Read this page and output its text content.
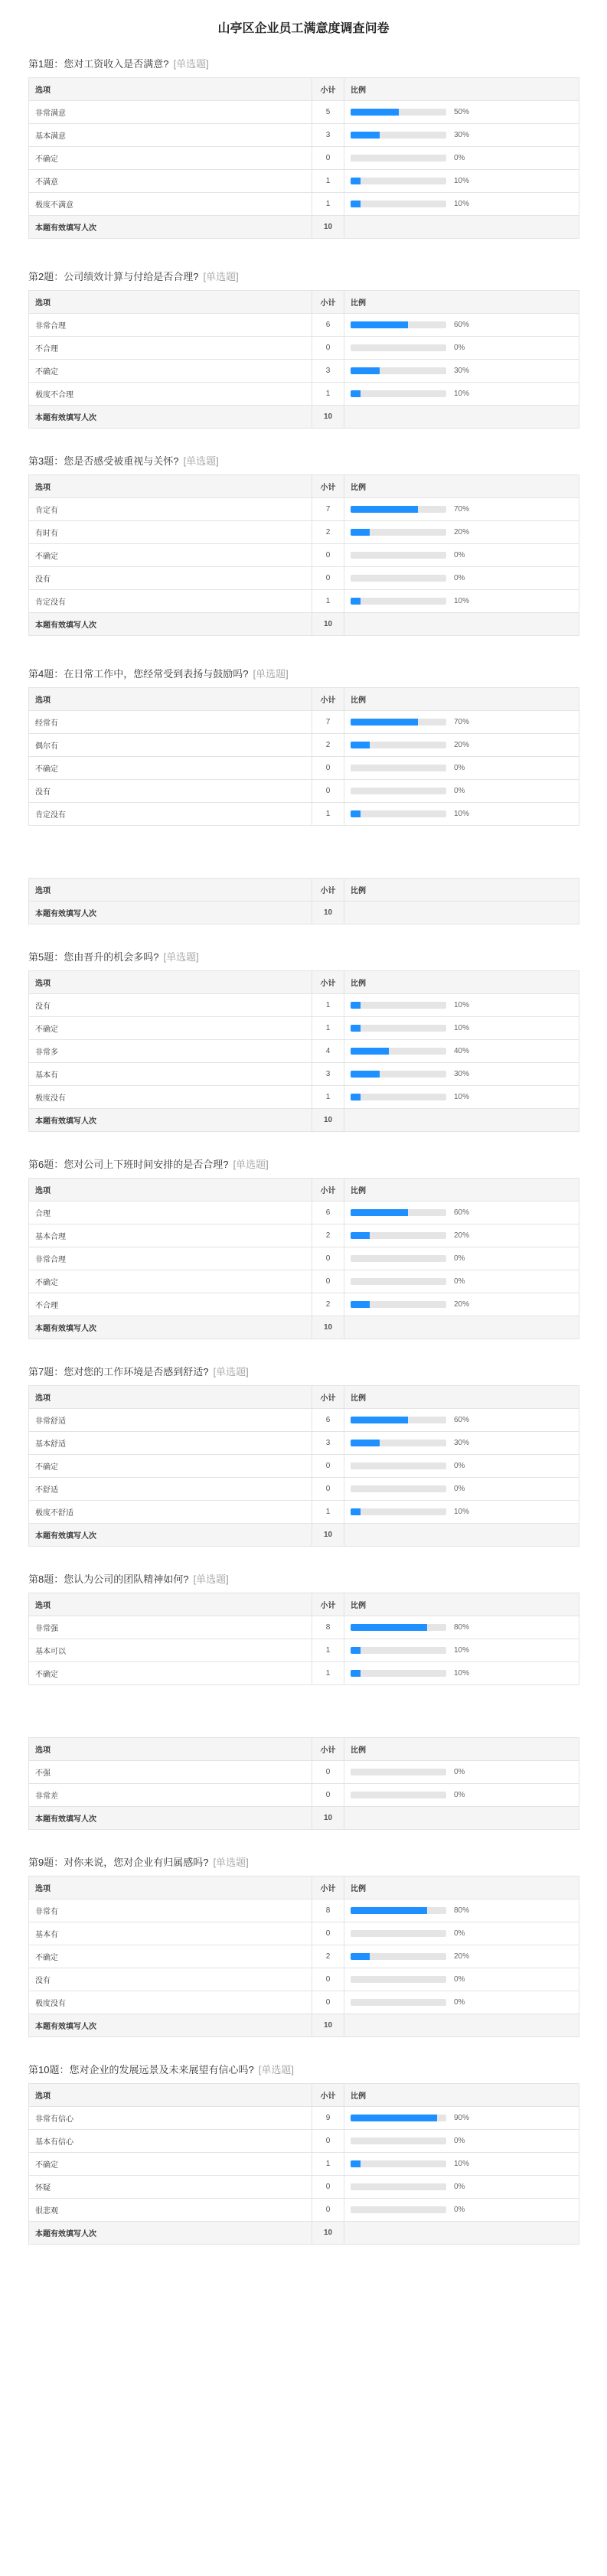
山亭区企业员工满意度调查问卷
第1题：您对工资收入是否满意? [单选题]
选项	小计	比例
非常满意	5	50%

基本满意	3	30%

不确定	0	0%

不满意	1	10%

极度不满意	1	10%

本题有效填写人次	10	
第2题：公司绩效计算与付给是否合理? [单选题]
选项	小计	比例
非常合理	6	60%

不合理	0	0%

不确定	3	30%

极度不合理	1	10%

本题有效填写人次	10	
第3题：您是否感受被重视与关怀? [单选题]
选项	小计	比例
肯定有	7	70%

有时有	2	20%

不确定	0	0%

没有	0	0%

肯定没有	1	10%

本题有效填写人次	10	
第4题：在日常工作中，您经常受到表扬与鼓励吗? [单选题]
选项	小计	比例
经常有	7	70%

偶尔有	2	20%

不确定	0	0%

没有	0	0%

肯定没有	1	10%
选项	小计	比例
本题有效填写人次	10	
第5题：您由晋升的机会多吗? [单选题]
选项	小计	比例
没有	1	10%

不确定	1	10%

非常多	4	40%

基本有	3	30%

极度没有	1	10%

本题有效填写人次	10	
第6题：您对公司上下班时间安排的是否合理? [单选题]
选项	小计	比例
合理	6	60%

基本合理	2	20%

非常合理	0	0%

不确定	0	0%

不合理	2	20%

本题有效填写人次	10	
第7题：您对您的工作环境是否感到舒适? [单选题]
选项	小计	比例
非常舒适	6	60%

基本舒适	3	30%

不确定	0	0%

不舒适	0	0%

极度不舒适	1	10%

本题有效填写人次	10	
第8题：您认为公司的团队精神如何? [单选题]
选项	小计	比例
非常强	8	80%

基本可以	1	10%

不确定	1	10%
选项	小计	比例
不强	0	0%

非常差	0	0%

本题有效填写人次	10	
第9题：对你来说，您对企业有归属感吗? [单选题]
选项	小计	比例
非常有	8	80%

基本有	0	0%

不确定	2	20%

没有	0	0%

极度没有	0	0%

本题有效填写人次	10	
第10题：您对企业的发展远景及未来展望有信心吗? [单选题]
选项	小计	比例
非常有信心	9	90%

基本有信心	0	0%

不确定	1	10%

怀疑	0	0%

很悲观	0	0%

本题有效填写人次	10	
